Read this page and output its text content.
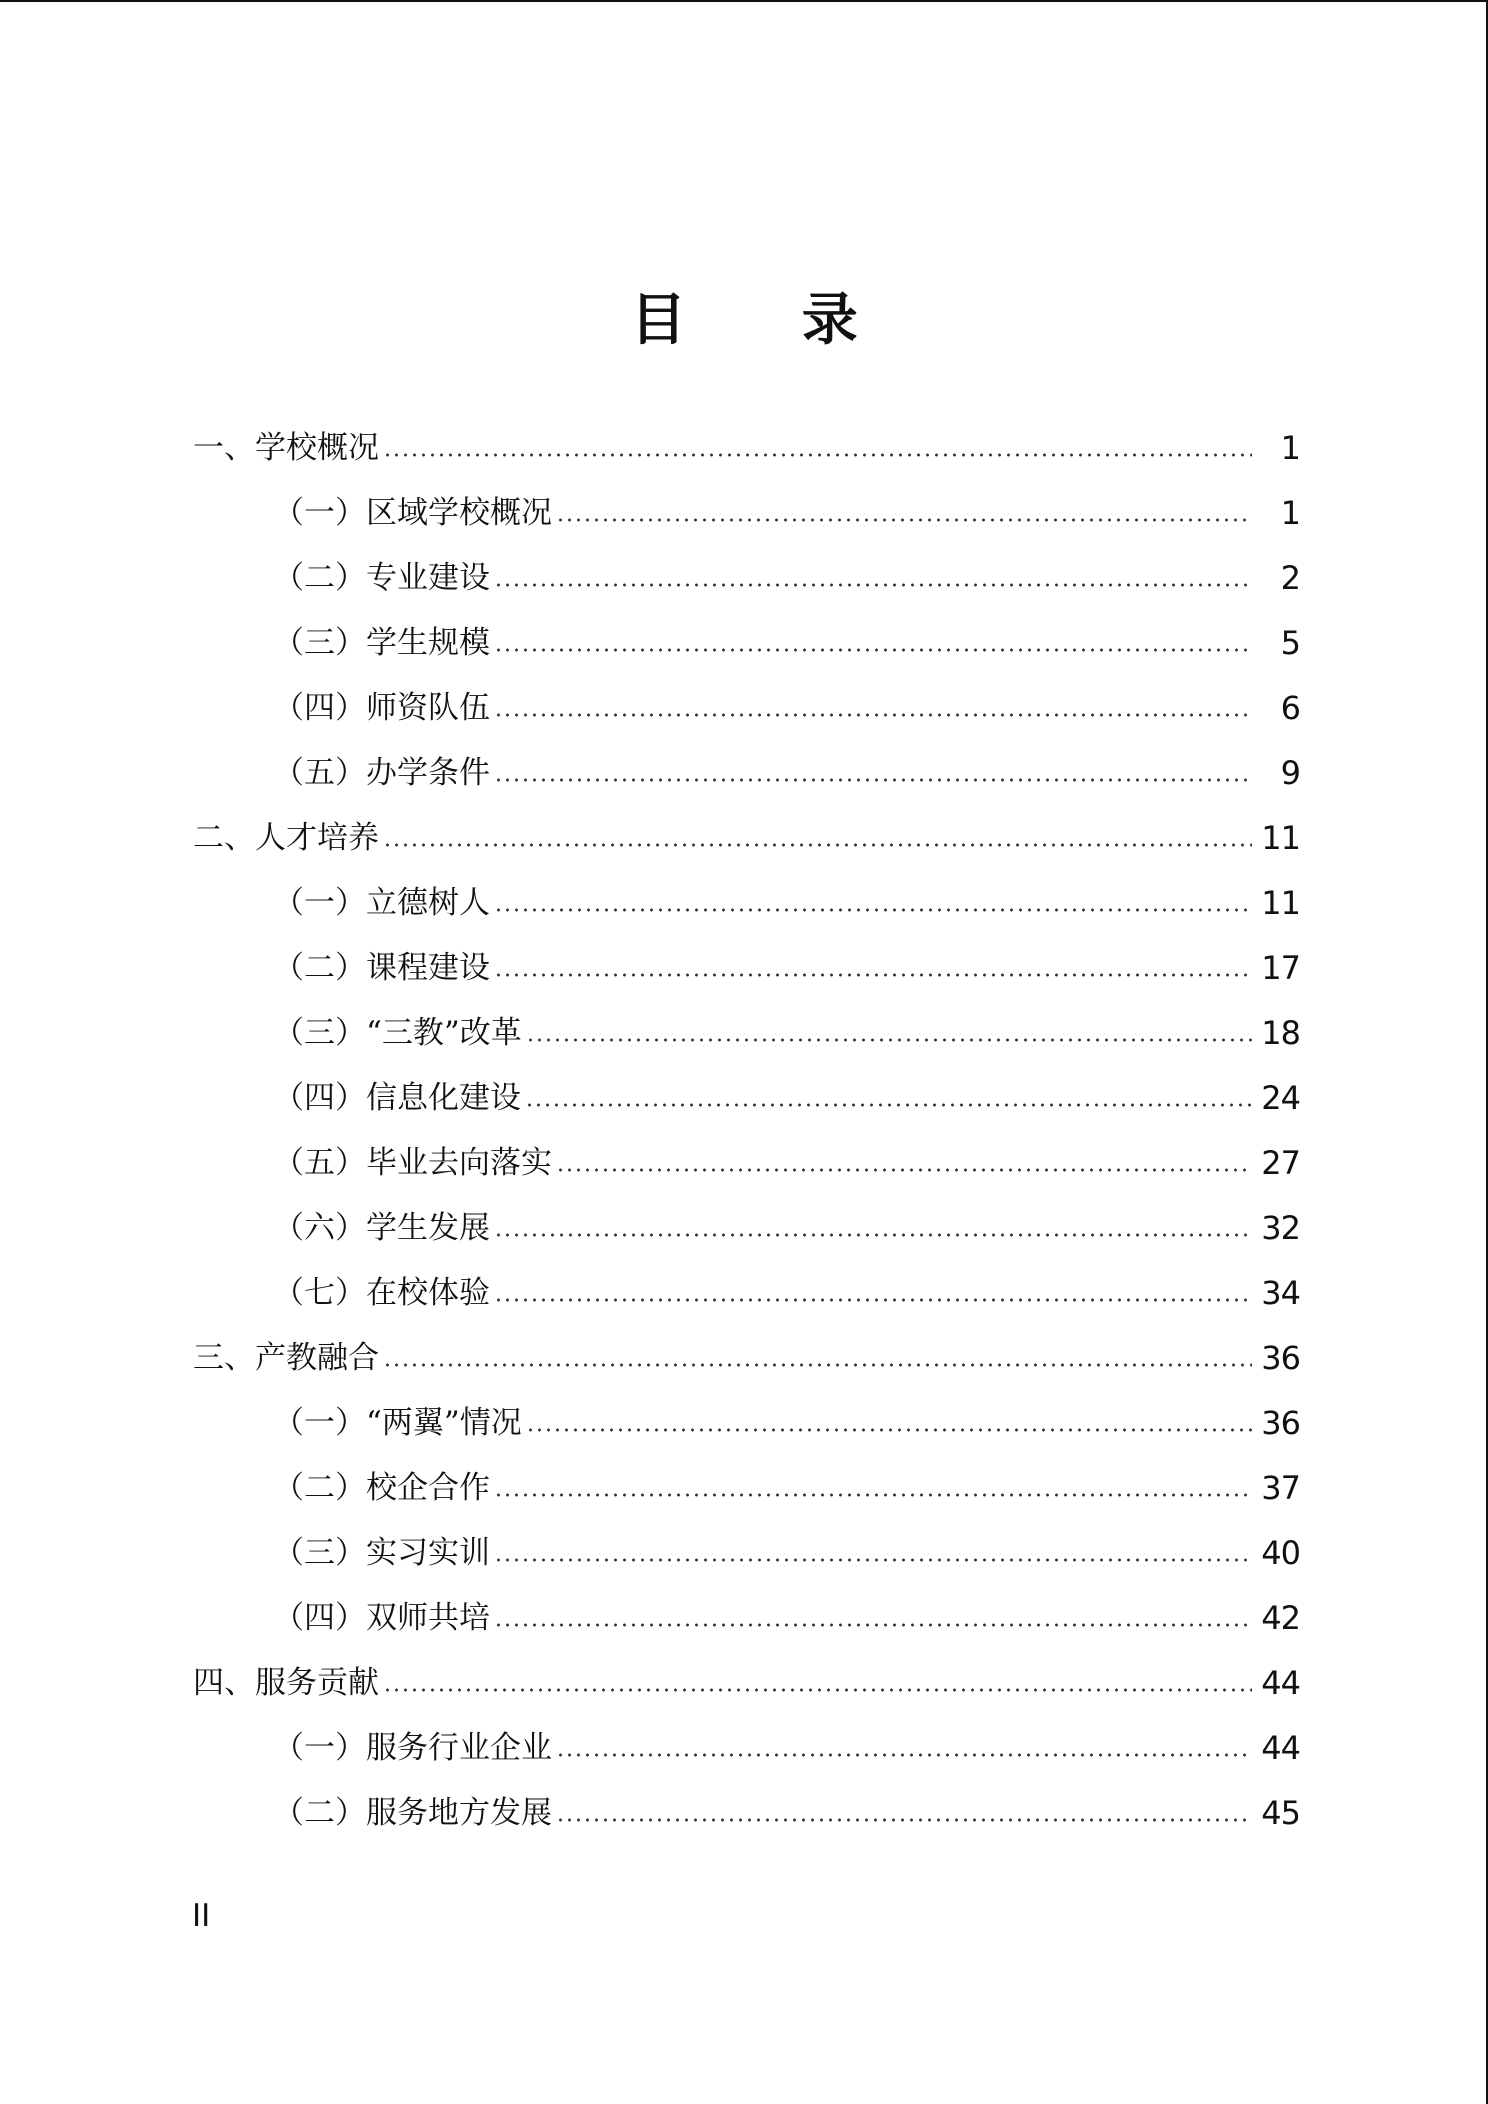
目 录
一、学校概况	1
（一）区域学校概况	1
（二）专业建设	2
（三）学生规模	5
（四）师资队伍	6
（五）办学条件	9
二、人才培养	11
（一）立德树人	11
（二）课程建设	17
（三）“三教”改革	18
（四）信息化建设	24
（五）毕业去向落实	27
（六）学生发展	32
（七）在校体验	34
三、产教融合	36
（一）“两翼”情况	36
（二）校企合作	37
（三）实习实训	40
（四）双师共培	42
四、服务贡献	44
（一）服务行业企业	44
（二）服务地方发展	45
II
